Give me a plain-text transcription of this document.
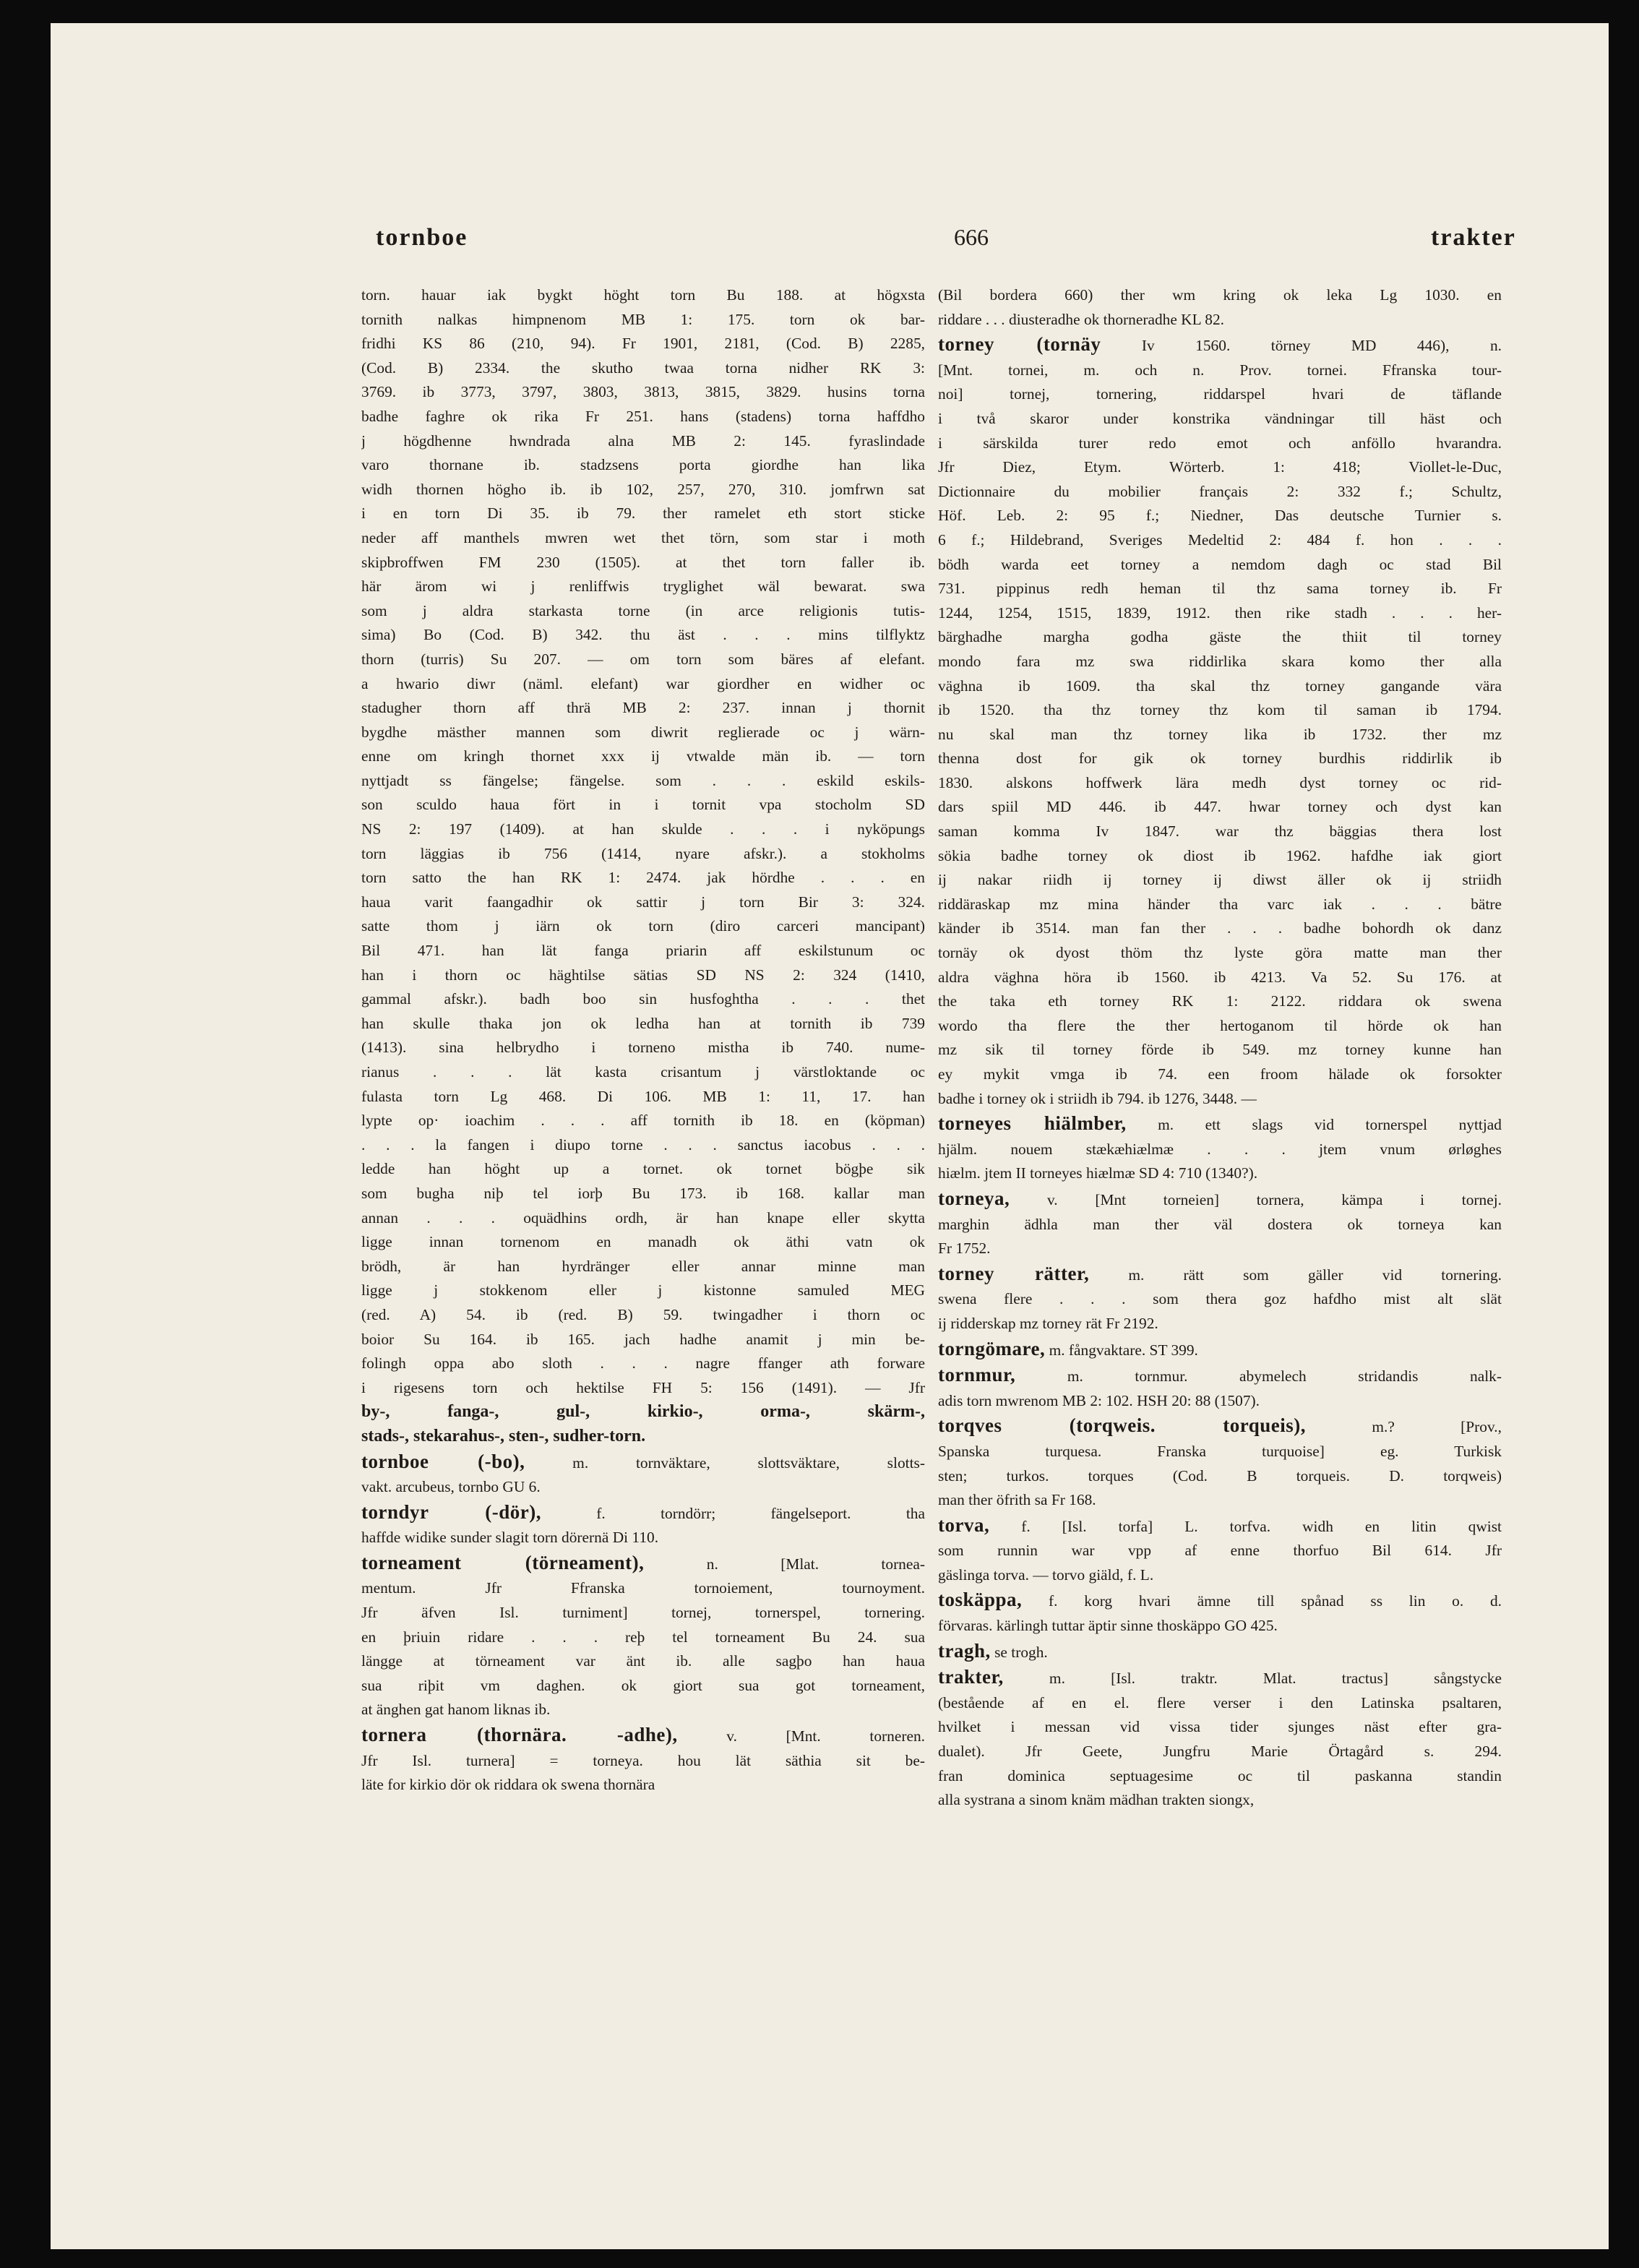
tornboe	666	trakter

torn. hauar iak bygkt höght torn Bu 188. at högxsta
tornith nalkas himpnenom MB 1: 175. torn ok bar-
fridhi KS 86 (210, 94). Fr 1901, 2181, (Cod. B) 2285,
(Cod. B) 2334. the skutho twaa torna nidher RK 3:
3769. ib 3773, 3797, 3803, 3813, 3815, 3829. husins torna
badhe faghre ok rika Fr 251. hans (stadens) torna haffdho
j högdhenne hwndrada alna MB 2: 145. fyraslindade
varo thornane ib. stadzsens porta giordhe han lika
widh thornen högho ib. ib 102, 257, 270, 310. jomfrwn sat
i en torn Di 35. ib 79. ther ramelet eth stort sticke
neder aff manthels mwren wet thet törn, som star i moth
skipbroffwen FM 230 (1505). at thet torn faller ib.
här ärom wi j renliffwis tryglighet wäl bewarat. swa
som j aldra starkasta torne (in arce religionis tutis-
sima) Bo (Cod. B) 342. thu äst . . . mins tilflyktz
thorn (turris) Su 207. — om torn som bäres af elefant.
a hwario diwr (näml. elefant) war giordher en widher oc
stadugher thorn aff thrä MB 2: 237. innan j thornit
bygdhe mästher mannen som diwrit reglierade oc j wärn-
enne om kringh thornet xxx ij vtwalde män ib. — torn
nyttjadt ss fängelse; fängelse. som . . . eskild eskils-
son sculdo haua fört in i tornit vpa stocholm SD
NS 2: 197 (1409). at han skulde . . . i nyköpungs
torn läggias ib 756 (1414, nyare afskr.). a stokholms
torn satto the han RK 1: 2474. jak hördhe . . . en
haua varit faangadhir ok sattir j torn Bir 3: 324.
satte thom j iärn ok torn (diro carceri mancipant)
Bil 471. han lät fanga priarin aff eskilstunum oc
han i thorn oc häghtilse sätias SD NS 2: 324 (1410,
gammal afskr.). badh boo sin husfoghtha . . . thet
han skulle thaka jon ok ledha han at tornith ib 739
(1413). sina helbrydho i torneno mistha ib 740. nume-
rianus . . . lät kasta crisantum j värstloktande oc
fulasta torn Lg 468. Di 106. MB 1: 11, 17. han
lypte op· ioachim . . . aff tornith ib 18. en (köpman)
. . . la fangen i diupo torne . . . sanctus iacobus . . .
ledde han höght up a tornet. ok tornet bögþe sik
som bugha niþ tel iorþ Bu 173. ib 168. kallar man
annan . . . oquädhins ordh, är han knape eller skytta
ligge innan tornenom en manadh ok äthi vatn ok
brödh, är han hyrdränger eller annar minne man
ligge j stokkenom eller j kistonne samuled MEG
(red. A) 54. ib (red. B) 59. twingadher i thorn oc
boior Su 164. ib 165. jach hadhe anamit j min be-
folingh oppa abo sloth . . . nagre ffanger ath forware
i rigesens torn och hektilse FH 5: 156 (1491). — Jfr

by-, fanga-, gul-, kirkio-, orma-, skärm-,
stads-, stekarahus-, sten-, sudher-torn.

tornboe (-bo), m. tornväktare, slottsväktare, slotts-
vakt. arcubeus, tornbo GU 6.

torndyr (-dör), f. torndörr; fängelseport. tha
haffde widike sunder slagit torn dörernä Di 110.

torneament (törneament), n. [Mlat. tornea-
mentum. Jfr Ffranska tornoiement, tournoyment.
Jfr äfven Isl. turniment] tornej, tornerspel, tornering.
en þriuin ridare . . . reþ tel torneament Bu 24. sua
längge at törneament var änt ib. alle sagþo han haua
sua riþit vm daghen. ok giort sua got torneament,
at änghen gat hanom liknas ib.

tornera (thornära. -adhe), v. [Mnt. torneren.
Jfr Isl. turnera] = torneya. hou lät säthia sit be-
läte for kirkio dör ok riddara ok swena thornära

(Bil bordera 660) ther wm kring ok leka Lg 1030. en
riddare . . . diusteradhe ok thorneradhe KL 82.

torney (tornäy Iv 1560. törney MD 446), n.
[Mnt. tornei, m. och n. Prov. tornei. Ffranska tour-
noi] tornej, tornering, riddarspel hvari de täflande
i två skaror under konstrika vändningar till häst och
i särskilda turer redo emot och anföllo hvarandra.
Jfr Diez, Etym. Wörterb. 1: 418; Viollet-le-Duc,
Dictionnaire du mobilier français 2: 332 f.; Schultz,
Höf. Leb. 2: 95 f.; Niedner, Das deutsche Turnier s.
6 f.; Hildebrand, Sveriges Medeltid 2: 484 f. hon . . .
bödh warda eet torney a nemdom dagh oc stad Bil
731. pippinus redh heman til thz sama torney ib. Fr
1244, 1254, 1515, 1839, 1912. then rike stadh . . . her-
bärghadhe margha godha gäste the thiit til torney
mondo fara mz swa riddirlika skara komo ther alla
väghna ib 1609. tha skal thz torney gangande vära
ib 1520. tha thz torney thz kom til saman ib 1794.
nu skal man thz torney lika ib 1732. ther mz
thenna dost for gik ok torney burdhis riddirlik ib
1830. alskons hoffwerk lära medh dyst torney oc rid-
dars spiil MD 446. ib 447. hwar torney och dyst kan
saman komma Iv 1847. war thz bäggias thera lost
sökia badhe torney ok diost ib 1962. hafdhe iak giort
ij nakar riidh ij torney ij diwst äller ok ij striidh
riddäraskap mz mina händer tha varc iak . . . bätre
känder ib 3514. man fan ther . . . badhe bohordh ok danz
tornäy ok dyost thöm thz lyste göra matte man ther
aldra väghna höra ib 1560. ib 4213. Va 52. Su 176. at
the taka eth torney RK 1: 2122. riddara ok swena
wordo tha flere the ther hertoganom til hörde ok han
mz sik til torney förde ib 549. mz torney kunne han
ey mykit vmga ib 74. een froom hälade ok forsokter
badhe i torney ok i striidh ib 794. ib 1276, 3448. —

torneyes hiälmber, m. ett slags vid tornerspel nyttjad
hjälm. nouem stækæhiælmæ . . . jtem vnum ørløghes
hiælm. jtem II torneyes hiælmæ SD 4: 710 (1340?).

torneya, v. [Mnt torneien] tornera, kämpa i tornej.
marghin ädhla man ther väl dostera ok torneya kan
Fr 1752.

torney rätter, m. rätt som gäller vid tornering.
swena flere . . . som thera goz hafdho mist alt slät
ij ridderskap mz torney rät Fr 2192.

torngömare, m. fångvaktare. ST 399.

tornmur, m. tornmur. abymelech stridandis nalk-
adis torn mwrenom MB 2: 102. HSH 20: 88 (1507).

torqves (torqweis. torqueis), m.? [Prov.,
Spanska turquesa. Franska turquoise] eg. Turkisk
sten; turkos. torques (Cod. B torqueis. D. torqweis)
man ther öfrith sa Fr 168.

torva, f. [Isl. torfa] L. torfva. widh en litin qwist
som runnin war vpp af enne thorfuo Bil 614. Jfr
gäslinga torva. — torvo giäld, f. L.

toskäppa, f. korg hvari ämne till spånad ss lin o. d.
förvaras. kärlingh tuttar äptir sinne thoskäppo GO 425.

tragh, se trogh.

trakter, m. [Isl. traktr. Mlat. tractus] sångstycke
(bestående af en el. flere verser i den Latinska psaltaren,
hvilket i messan vid vissa tider sjunges näst efter gra-
dualet). Jfr Geete, Jungfru Marie Örtagård s. 294.
fran dominica septuagesime oc til paskanna standin
alla systrana a sinom knäm mädhan trakten siongx,
